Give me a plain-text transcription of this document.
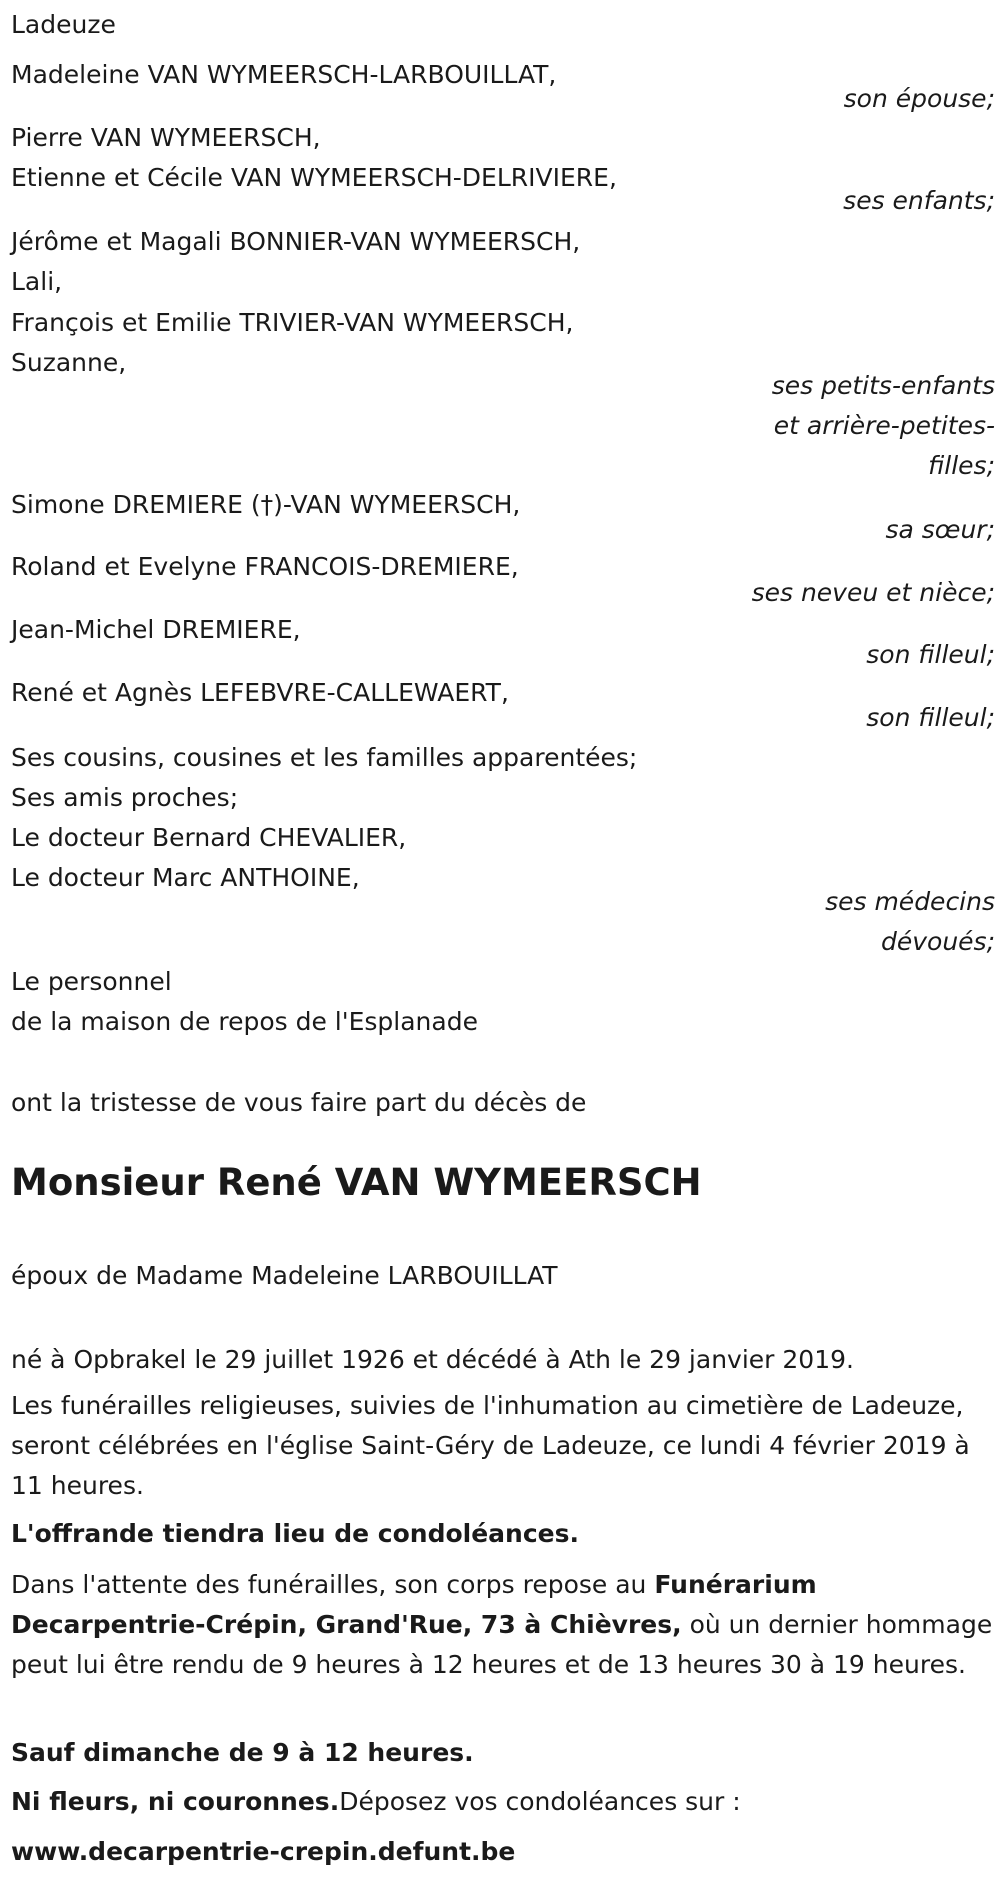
Ladeuze

Madeleine VAN WYMEERSCH-LARBOUILLAT,

son épouse;

Pierre VAN WYMEERSCH,

Etienne et Cécile VAN WYMEERSCH-DELRIVIERE,

ses enfants;

Jérôme et Magali BONNIER-VAN WYMEERSCH,

Lali,

François et Emilie TRIVIER-VAN WYMEERSCH,

Suzanne,

ses petits-enfants

et arrière-petites-

filles;

Simone DREMIERE (†)-VAN WYMEERSCH,

sa sœur;

Roland et Evelyne FRANCOIS-DREMIERE,

ses neveu et nièce;

Jean-Michel DREMIERE,

son filleul;

René et Agnès LEFEBVRE-CALLEWAERT,

son filleul;

Ses cousins, cousines et les familles apparentées;

Ses amis proches;

Le docteur Bernard CHEVALIER,

Le docteur Marc ANTHOINE,

ses médecins

dévoués;

Le personnel

de la maison de repos de l'Esplanade

ont la tristesse de vous faire part du décès de

Monsieur René VAN WYMEERSCH

époux de Madame Madeleine LARBOUILLAT

né à Opbrakel le 29 juillet 1926 et décédé à Ath le 29 janvier 2019.

Les funérailles religieuses, suivies de l'inhumation au cimetière de Ladeuze, seront célébrées en l'église Saint-Géry de Ladeuze, ce lundi 4 février 2019 à 11 heures.

L'offrande tiendra lieu de condoléances.

Dans l'attente des funérailles, son corps repose au Funérarium Decarpentrie-Crépin, Grand'Rue, 73 à Chièvres, où un dernier hommage peut lui être rendu de 9 heures à 12 heures et de 13 heures 30 à 19 heures.

Sauf dimanche de 9 à 12 heures.

Ni fleurs, ni couronnes.Déposez vos condoléances sur :

www.decarpentrie-crepin.defunt.be
